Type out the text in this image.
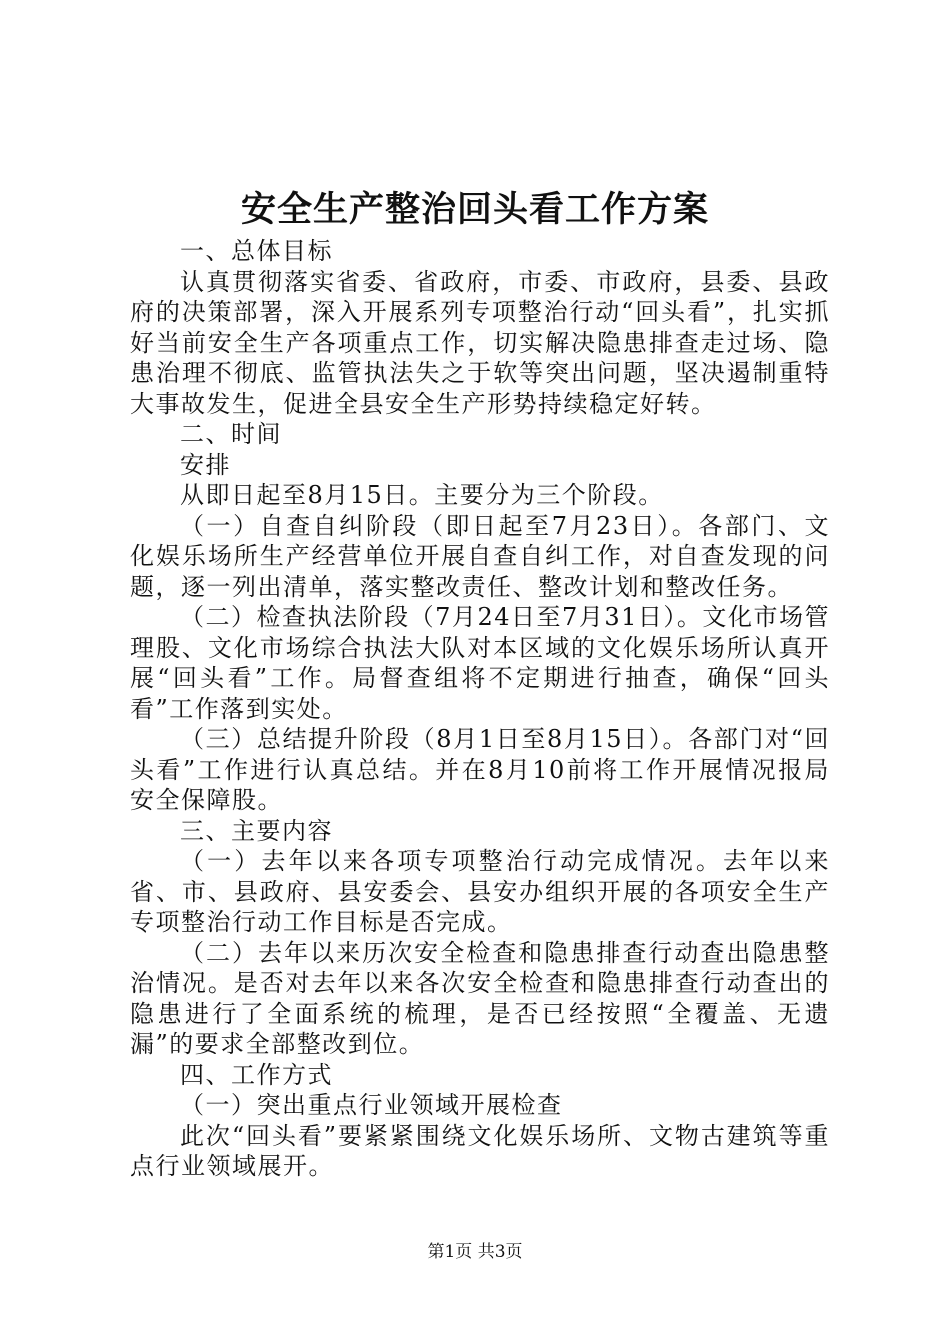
安全生产整治回头看工作方案

一、总体目标

认真贯彻落实省委、省政府，市委、市政府，县委、县政府的决策部署，深入开展系列专项整治行动“回头看”，扎实抓好当前安全生产各项重点工作，切实解决隐患排查走过场、隐患治理不彻底、监管执法失之于软等突出问题，坚决遏制重特大事故发生，促进全县安全生产形势持续稳定好转。

二、时间

安排

从即日起至8月15日。主要分为三个阶段。

（一）自查自纠阶段（即日起至7月23日）。各部门、文化娱乐场所生产经营单位开展自查自纠工作，对自查发现的问题，逐一列出清单，落实整改责任、整改计划和整改任务。

（二）检查执法阶段（7月24日至7月31日）。文化市场管理股、文化市场综合执法大队对本区域的文化娱乐场所认真开展“回头看”工作。局督查组将不定期进行抽查，确保“回头看”工作落到实处。

（三）总结提升阶段（8月1日至8月15日）。各部门对“回头看”工作进行认真总结。并在8月10前将工作开展情况报局安全保障股。

三、主要内容

（一）去年以来各项专项整治行动完成情况。去年以来省、市、县政府、县安委会、县安办组织开展的各项安全生产专项整治行动工作目标是否完成。

（二）去年以来历次安全检查和隐患排查行动查出隐患整治情况。是否对去年以来各次安全检查和隐患排查行动查出的隐患进行了全面系统的梳理，是否已经按照“全覆盖、无遗漏”的要求全部整改到位。

四、工作方式

（一）突出重点行业领域开展检查

此次“回头看”要紧紧围绕文化娱乐场所、文物古建筑等重点行业领域展开。

第1页 共3页
